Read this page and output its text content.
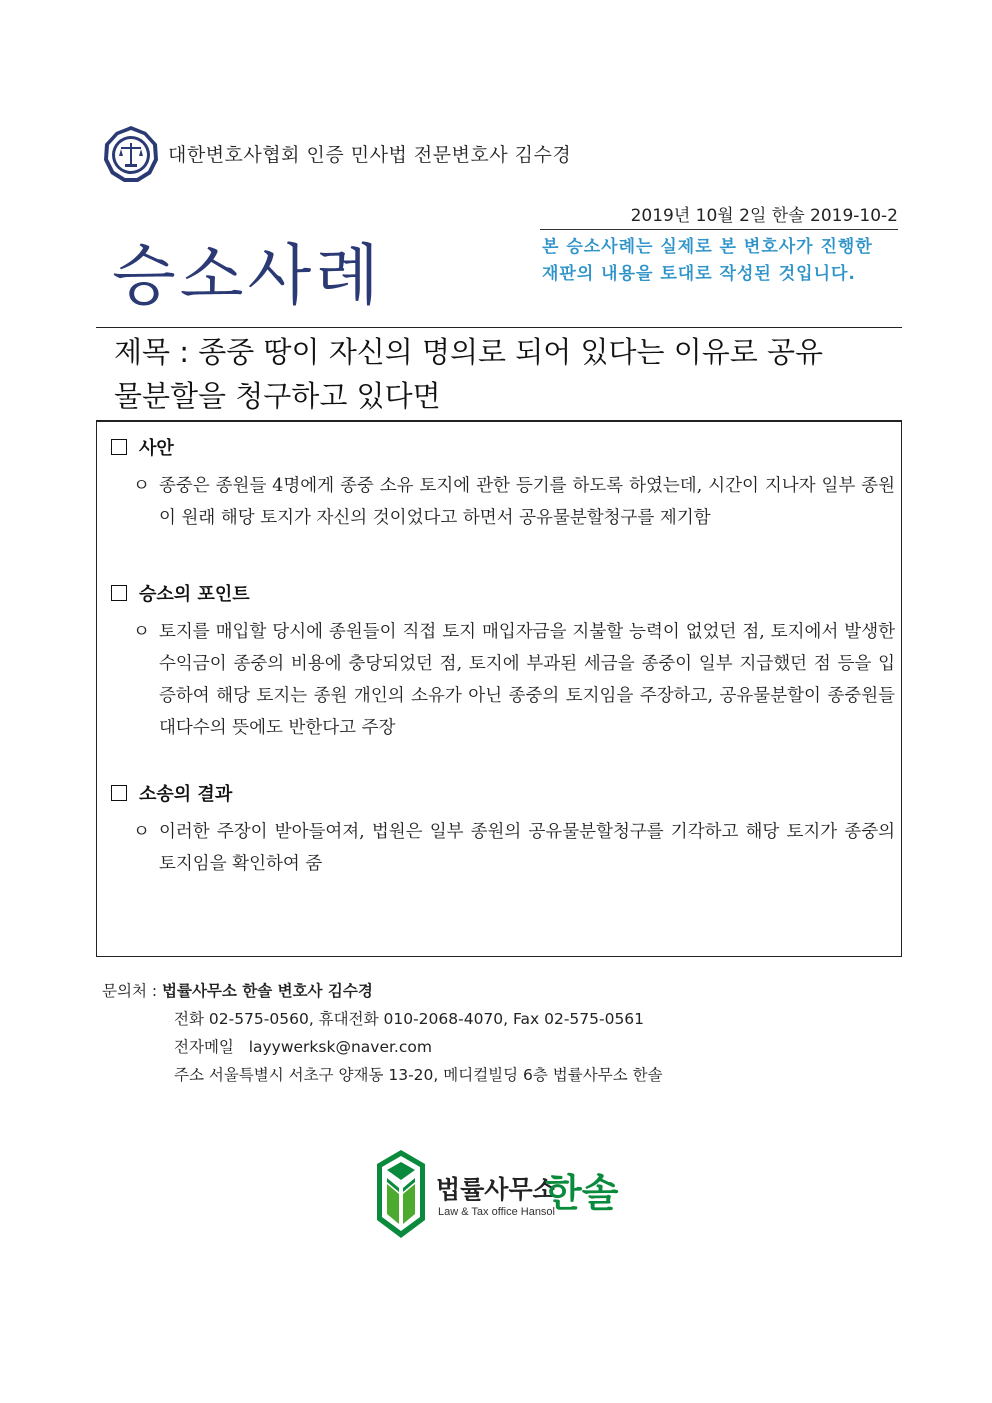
대한변호사협회 인증 민사법 전문변호사 김수경
2019년 10월 2일 한솔 2019-10-2
승소사례	본 승소사례는 실제로 본 변호사가 진행한 재판의 내용을 토대로 작성된 것입니다.
제목 : 종중 땅이 자신의 명의로 되어 있다는 이유로 공유
물분할을 청구하고 있다면
사안
ㅇ 종중은 종원들 4명에게 종중 소유 토지에 관한 등기를 하도록 하였는데, 시간이 지나자 일부 종원이 원래 해당 토지가 자신의 것이었다고 하면서 공유물분할청구를 제기함
승소의 포인트
ㅇ 토지를 매입할 당시에 종원들이 직접 토지 매입자금을 지불할 능력이 없었던 점, 토지에서 발생한 수익금이 종중의 비용에 충당되었던 점, 토지에 부과된 세금을 종중이 일부 지급했던 점 등을 입증하여 해당 토지는 종원 개인의 소유가 아닌 종중의 토지임을 주장하고, 공유물분할이 종중원들 대다수의 뜻에도 반한다고 주장
소송의 결과
ㅇ 이러한 주장이 받아들여져, 법원은 일부 종원의 공유물분할청구를 기각하고 해당 토지가 종중의 토지임을 확인하여 줌
문의처 : 법률사무소 한솔 변호사 김수경
전화 02-575-0560, 휴대전화 010-2068-4070, Fax 02-575-0561
전자메일 layywerksk@naver.com
주소 서울특별시 서초구 양재동 13-20, 메디컬빌딩 6층 법률사무소 한솔
법률사무소
한솔
Law & Tax office Hansol
